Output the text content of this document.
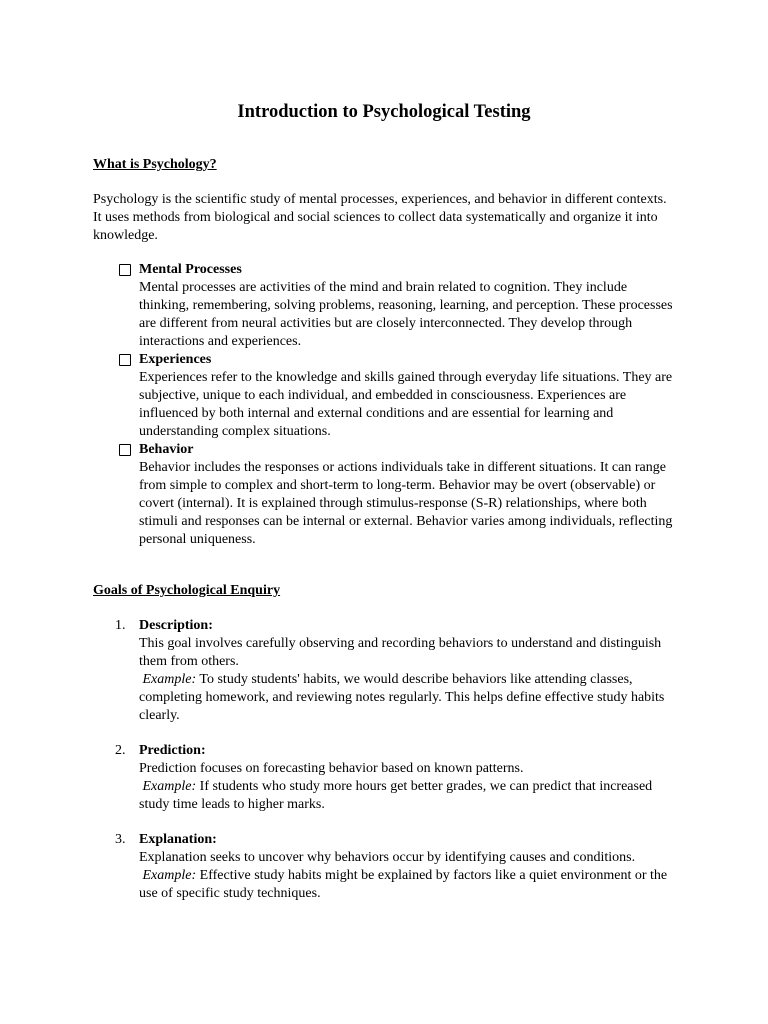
Introduction to Psychological Testing
What is Psychology?

Psychology is the scientific study of mental processes, experiences, and behavior in different contexts. It uses methods from biological and social sciences to collect data systematically and organize it into knowledge.

Mental Processes
Mental processes are activities of the mind and brain related to cognition. They include thinking, remembering, solving problems, reasoning, learning, and perception. These processes are different from neural activities but are closely interconnected. They develop through interactions and experiences.
Experiences
Experiences refer to the knowledge and skills gained through everyday life situations. They are subjective, unique to each individual, and embedded in consciousness. Experiences are influenced by both internal and external conditions and are essential for learning and understanding complex situations.
Behavior
Behavior includes the responses or actions individuals take in different situations. It can range from simple to complex and short-term to long-term. Behavior may be overt (observable) or covert (internal). It is explained through stimulus-response (S-R) relationships, where both stimuli and responses can be internal or external. Behavior varies among individuals, reflecting personal uniqueness.
Goals of Psychological Enquiry
1. Description:
This goal involves carefully observing and recording behaviors to understand and distinguish them from others.
Example: To study students' habits, we would describe behaviors like attending classes, completing homework, and reviewing notes regularly. This helps define effective study habits clearly.
2. Prediction:
Prediction focuses on forecasting behavior based on known patterns.
Example: If students who study more hours get better grades, we can predict that increased study time leads to higher marks.
3. Explanation:
Explanation seeks to uncover why behaviors occur by identifying causes and conditions.
Example: Effective study habits might be explained by factors like a quiet environment or the use of specific study techniques.
